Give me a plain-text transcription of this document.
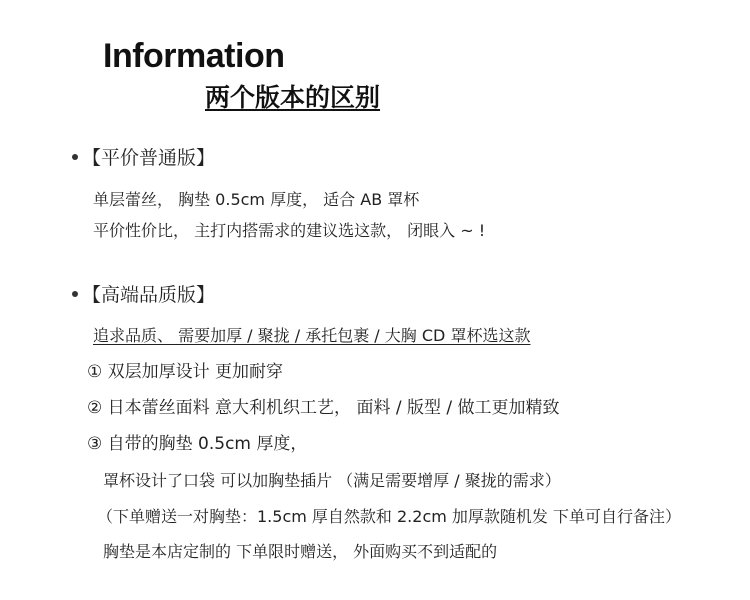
Information
两个版本的区别
【平价普通版】
单层蕾丝， 胸垫 0.5cm 厚度， 适合 AB 罩杯
平价性价比， 主打内搭需求的建议选这款， 闭眼入 ~ !
【高端品质版】
追求品质、 需要加厚 / 聚拢 / 承托包裹 / 大胸 CD 罩杯选这款
① 双层加厚设计 更加耐穿
② 日本蕾丝面料 意大利机织工艺， 面料 / 版型 / 做工更加精致
③ 自带的胸垫 0.5cm 厚度，
罩杯设计了口袋 可以加胸垫插片 （满足需要增厚 / 聚拢的需求）
（下单赠送一对胸垫：1.5cm 厚自然款和 2.2cm 加厚款随机发 下单可自行备注）
胸垫是本店定制的 下单限时赠送， 外面购买不到适配的
